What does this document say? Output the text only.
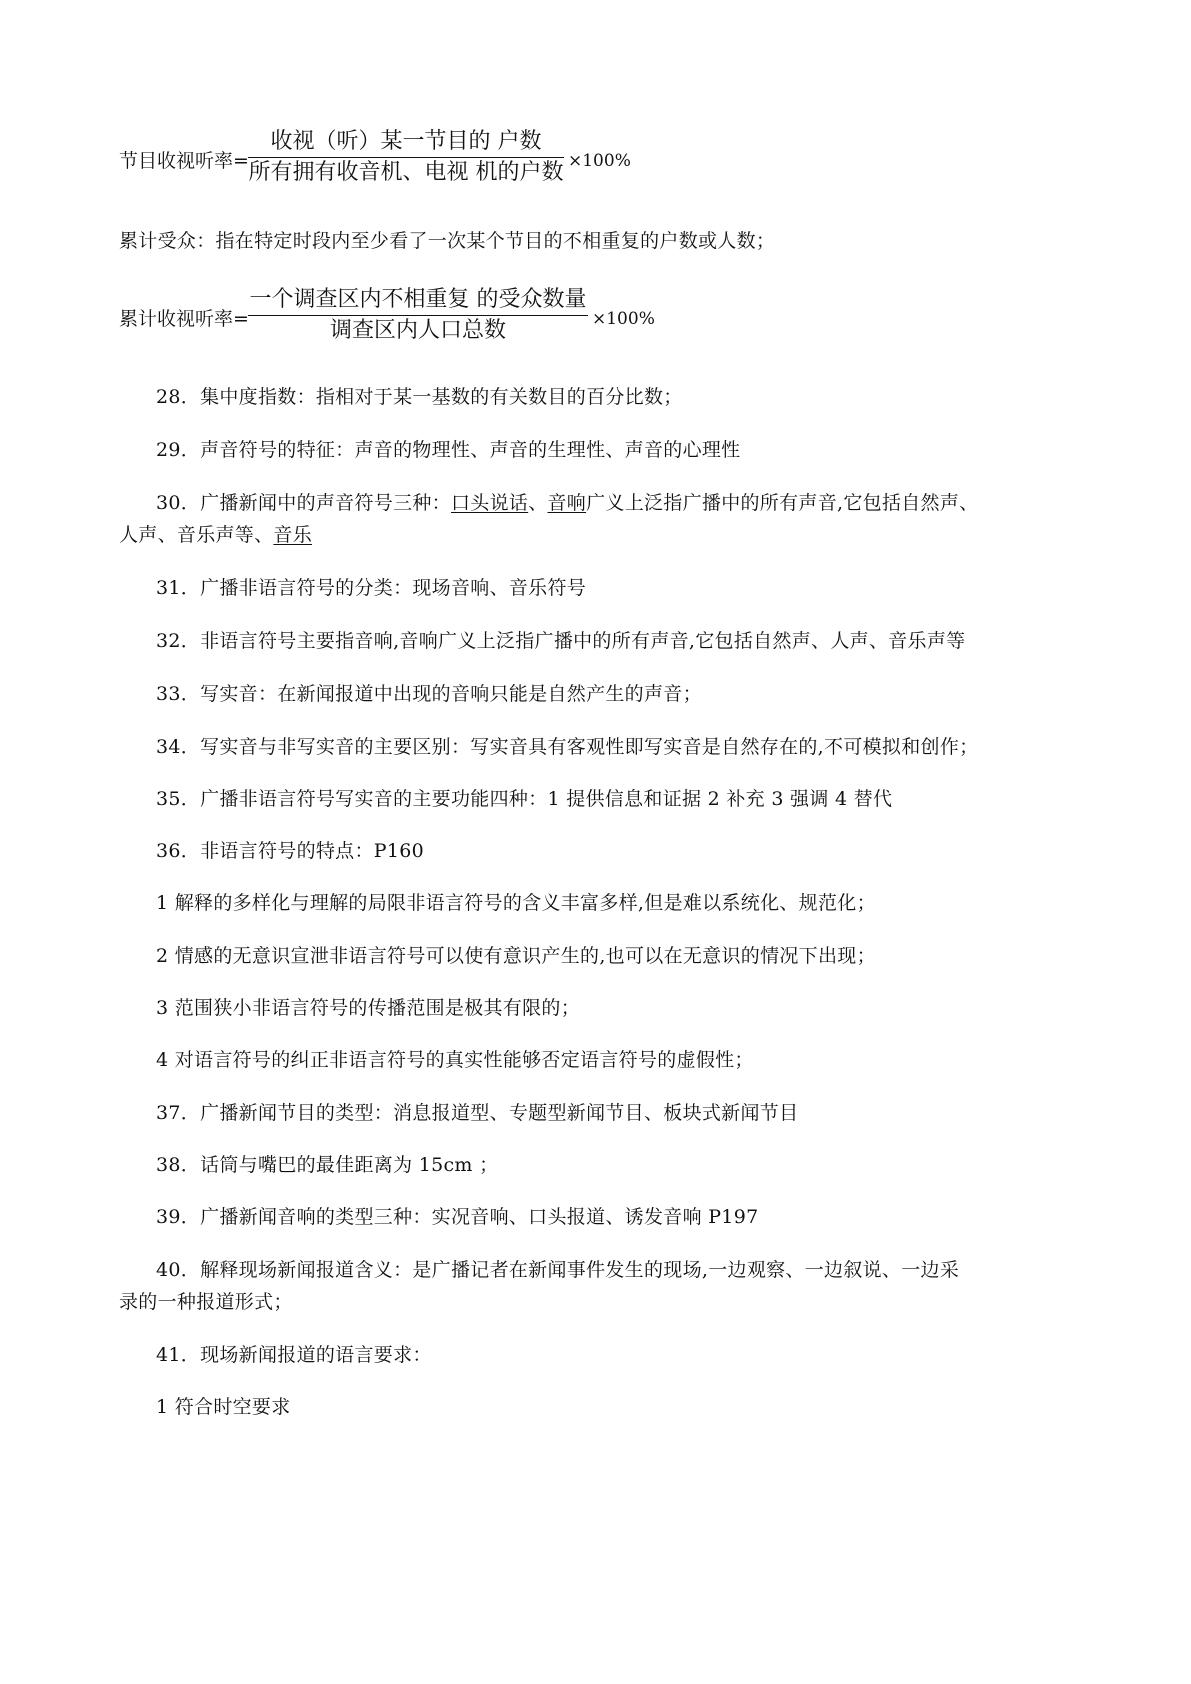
节目收视听率=
收视（听）某一节目的 户数
所有拥有收音机、电视 机的户数 ×100%
累计受众：指在特定时段内至少看了一次某个节目的不相重复的户数或人数；
累计收视听率=
一个调查区内不相重复 的受众数量
调查区内人口总数	×100%
28．集中度指数：指相对于某一基数的有关数目的百分比数；
29．声音符号的特征：声音的物理性、声音的生理性、声音的心理性
30．广播新闻中的声音符号三种：口头说话、音响广义上泛指广播中的所有声音,它包括自然声、
人声、音乐声等、音乐
31．广播非语言符号的分类：现场音响、音乐符号
32．非语言符号主要指音响,音响广义上泛指广播中的所有声音,它包括自然声、人声、音乐声等
33．写实音：在新闻报道中出现的音响只能是自然产生的声音；
34．写实音与非写实音的主要区别：写实音具有客观性即写实音是自然存在的,不可模拟和创作；
35．广播非语言符号写实音的主要功能四种：1 提供信息和证据 2 补充 3 强调 4 替代
36．非语言符号的特点：P160
1 解释的多样化与理解的局限非语言符号的含义丰富多样,但是难以系统化、规范化；
2 情感的无意识宣泄非语言符号可以使有意识产生的,也可以在无意识的情况下出现；
3 范围狭小非语言符号的传播范围是极其有限的；
4 对语言符号的纠正非语言符号的真实性能够否定语言符号的虚假性；
37．广播新闻节目的类型：消息报道型、专题型新闻节目、板块式新闻节目
38．话筒与嘴巴的最佳距离为 15cm ；
39．广播新闻音响的类型三种：实况音响、口头报道、诱发音响 P197
40．解释现场新闻报道含义：是广播记者在新闻事件发生的现场,一边观察、一边叙说、一边采
录的一种报道形式；
41．现场新闻报道的语言要求：
1 符合时空要求
